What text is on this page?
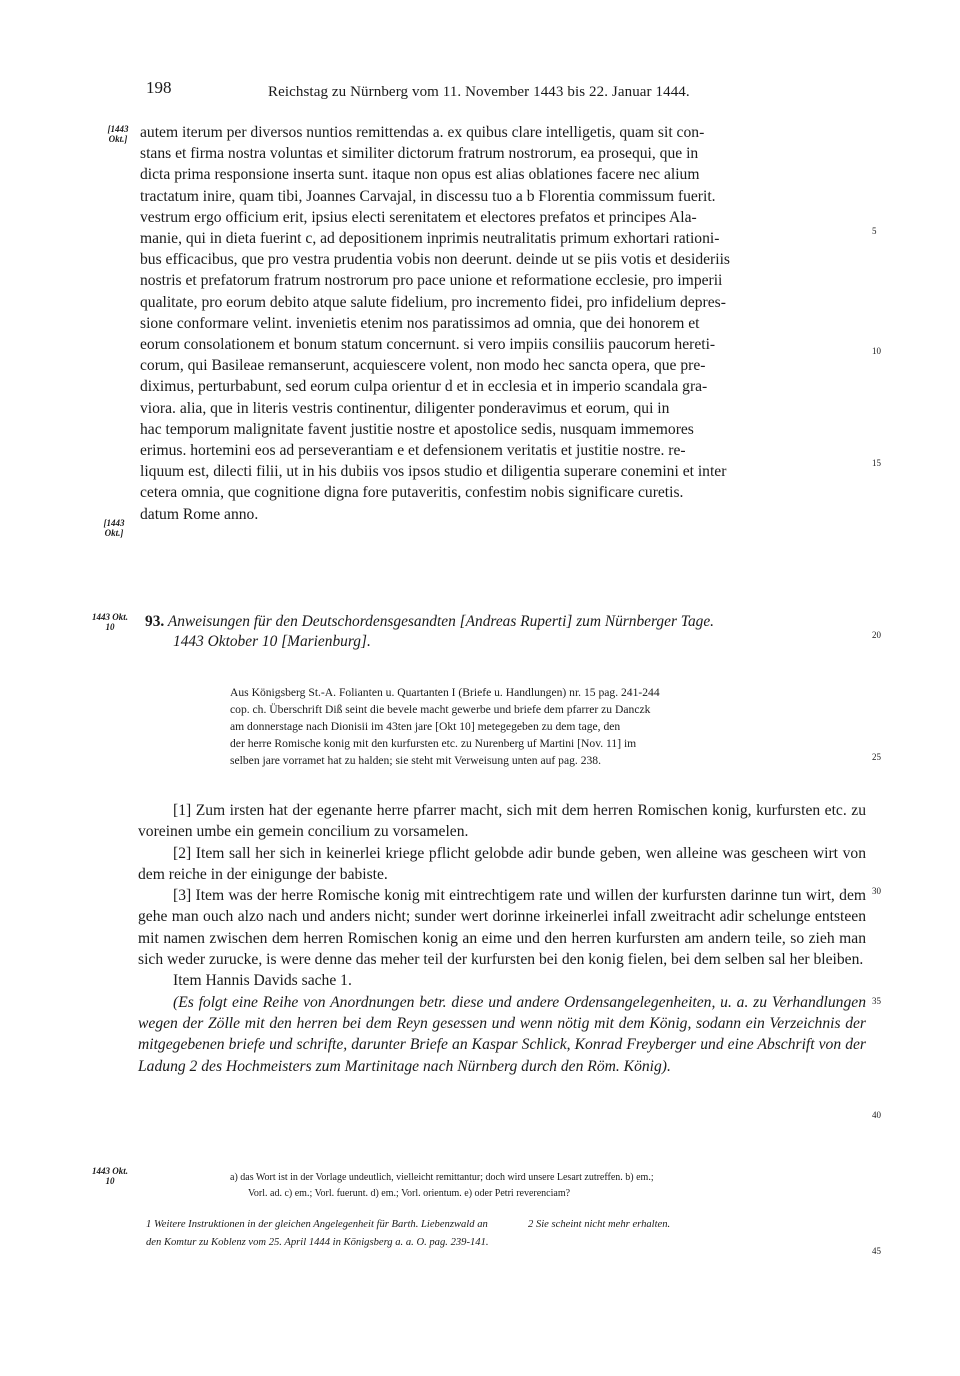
198	Reichstag zu Nürnberg vom 11. November 1443 bis 22. Januar 1444.
[1443 Okt.]
[1443 Okt.]
1443 Okt. 10
1443 Okt. 10
5
10
15
20
25
30
35
40
45

autem iterum per diversos nuntios remittendas a. ex quibus clare intelligetis, quam sit con-

stans et firma nostra voluntas et similiter dictorum fratrum nostrorum, ea prosequi, que in

dicta prima responsione inserta sunt. itaque non opus est alias oblationes facere nec alium

tractatum inire, quam tibi, Joannes Carvajal, in discessu tuo a b Florentia commissum fuerit.

vestrum ergo officium erit, ipsius electi serenitatem et electores prefatos et principes Ala-

manie, qui in dieta fuerint c, ad depositionem inprimis neutralitatis primum exhortari rationi-

bus efficacibus, que pro vestra prudentia vobis non deerunt. deinde ut se piis votis et desideriis

nostris et prefatorum fratrum nostrorum pro pace unione et reformatione ecclesie, pro imperii

qualitate, pro eorum debito atque salute fidelium, pro incremento fidei, pro infidelium depres-

sione conformare velint. invenietis etenim nos paratissimos ad omnia, que dei honorem et

eorum consolationem et bonum statum concernunt. si vero impiis consiliis paucorum hereti-

corum, qui Basileae remanserunt, acquiescere volent, non modo hec sancta opera, que pre-

diximus, perturbabunt, sed eorum culpa orientur d et in ecclesia et in imperio scandala gra-

viora. alia, que in literis vestris continentur, diligenter ponderavimus et eorum, qui in

hac temporum malignitate favent justitie nostre et apostolice sedis, nusquam immemores

erimus. hortemini eos ad perseverantiam e et defensionem veritatis et justitie nostre. re-

liquum est, dilecti filii, ut in his dubiis vos ipsos studio et diligentia superare conemini et inter

cetera omnia, que cognitione digna fore putaveritis, confestim nobis significare curetis.

datum Rome anno.

93. Anweisungen für den Deutschordensgesandten [Andreas Ruperti] zum Nürnberger Tage.
1443 Oktober 10 [Marienburg].
Aus Königsberg St.-A. Folianten u. Quartanten I (Briefe u. Handlungen) nr. 15 pag. 241-244
cop. ch. Überschrift Diß seint die bevele macht gewerbe und briefe dem pfarrer zu Danczk
am donnerstage nach Dionisii im 43ten jare [Okt 10] metegegeben zu dem tage, den
der herre Romische konig mit den kurfursten etc. zu Nurenberg uf Martini [Nov. 11] im
selben jare vorramet hat zu halden; sie steht mit Verweisung unten auf pag. 238.

[1] Zum irsten hat der egenante herre pfarrer macht, sich mit dem herren Romischen konig, kurfursten etc. zu voreinen umbe ein gemein concilium zu vorsamelen.

[2] Item sall her sich in keinerlei kriege pflicht gelobde adir bunde geben, wen alleine was gescheen wirt von dem reiche in der einigunge der babiste.

[3] Item was der herre Romische konig mit eintrechtigem rate und willen der kurfursten darinne tun wirt, dem gehe man ouch alzo nach und anders nicht; sunder wert dorinne irkeinerlei infall zweitracht adir schelunge entsteen mit namen zwischen dem herren Romischen konig an eime und den herren kurfursten am andern teile, so zieh man sich weder zurucke, is were denne das meher teil der kurfursten bei den konig fielen, bei dem selben sal her bleiben.

Item Hannis Davids sache 1.

(Es folgt eine Reihe von Anordnungen betr. diese und andere Ordensangelegenheiten, u. a. zu Verhandlungen wegen der Zölle mit den herren bei dem Reyn gesessen und wenn nötig mit dem König, sodann ein Verzeichnis der mitgegebenen briefe und schrifte, darunter Briefe an Kaspar Schlick, Konrad Freyberger und eine Abschrift von der Ladung 2 des Hochmeisters zum Martinitage nach Nürnberg durch den Röm. König).

a) das Wort ist in der Vorlage undeutlich, vielleicht remittantur; doch wird unsere Lesart zutreffen. b) em.;
Vorl. ad. c) em.; Vorl. fuerunt. d) em.; Vorl. orientum. e) oder Petri reverenciam?
1 Weitere Instruktionen in der gleichen Angelegenheit für Barth. Liebenzwald an den Komtur zu Koblenz vom 25. April 1444 in Königsberg a. a. O. pag. 239-141.
2 Sie scheint nicht mehr erhalten.
